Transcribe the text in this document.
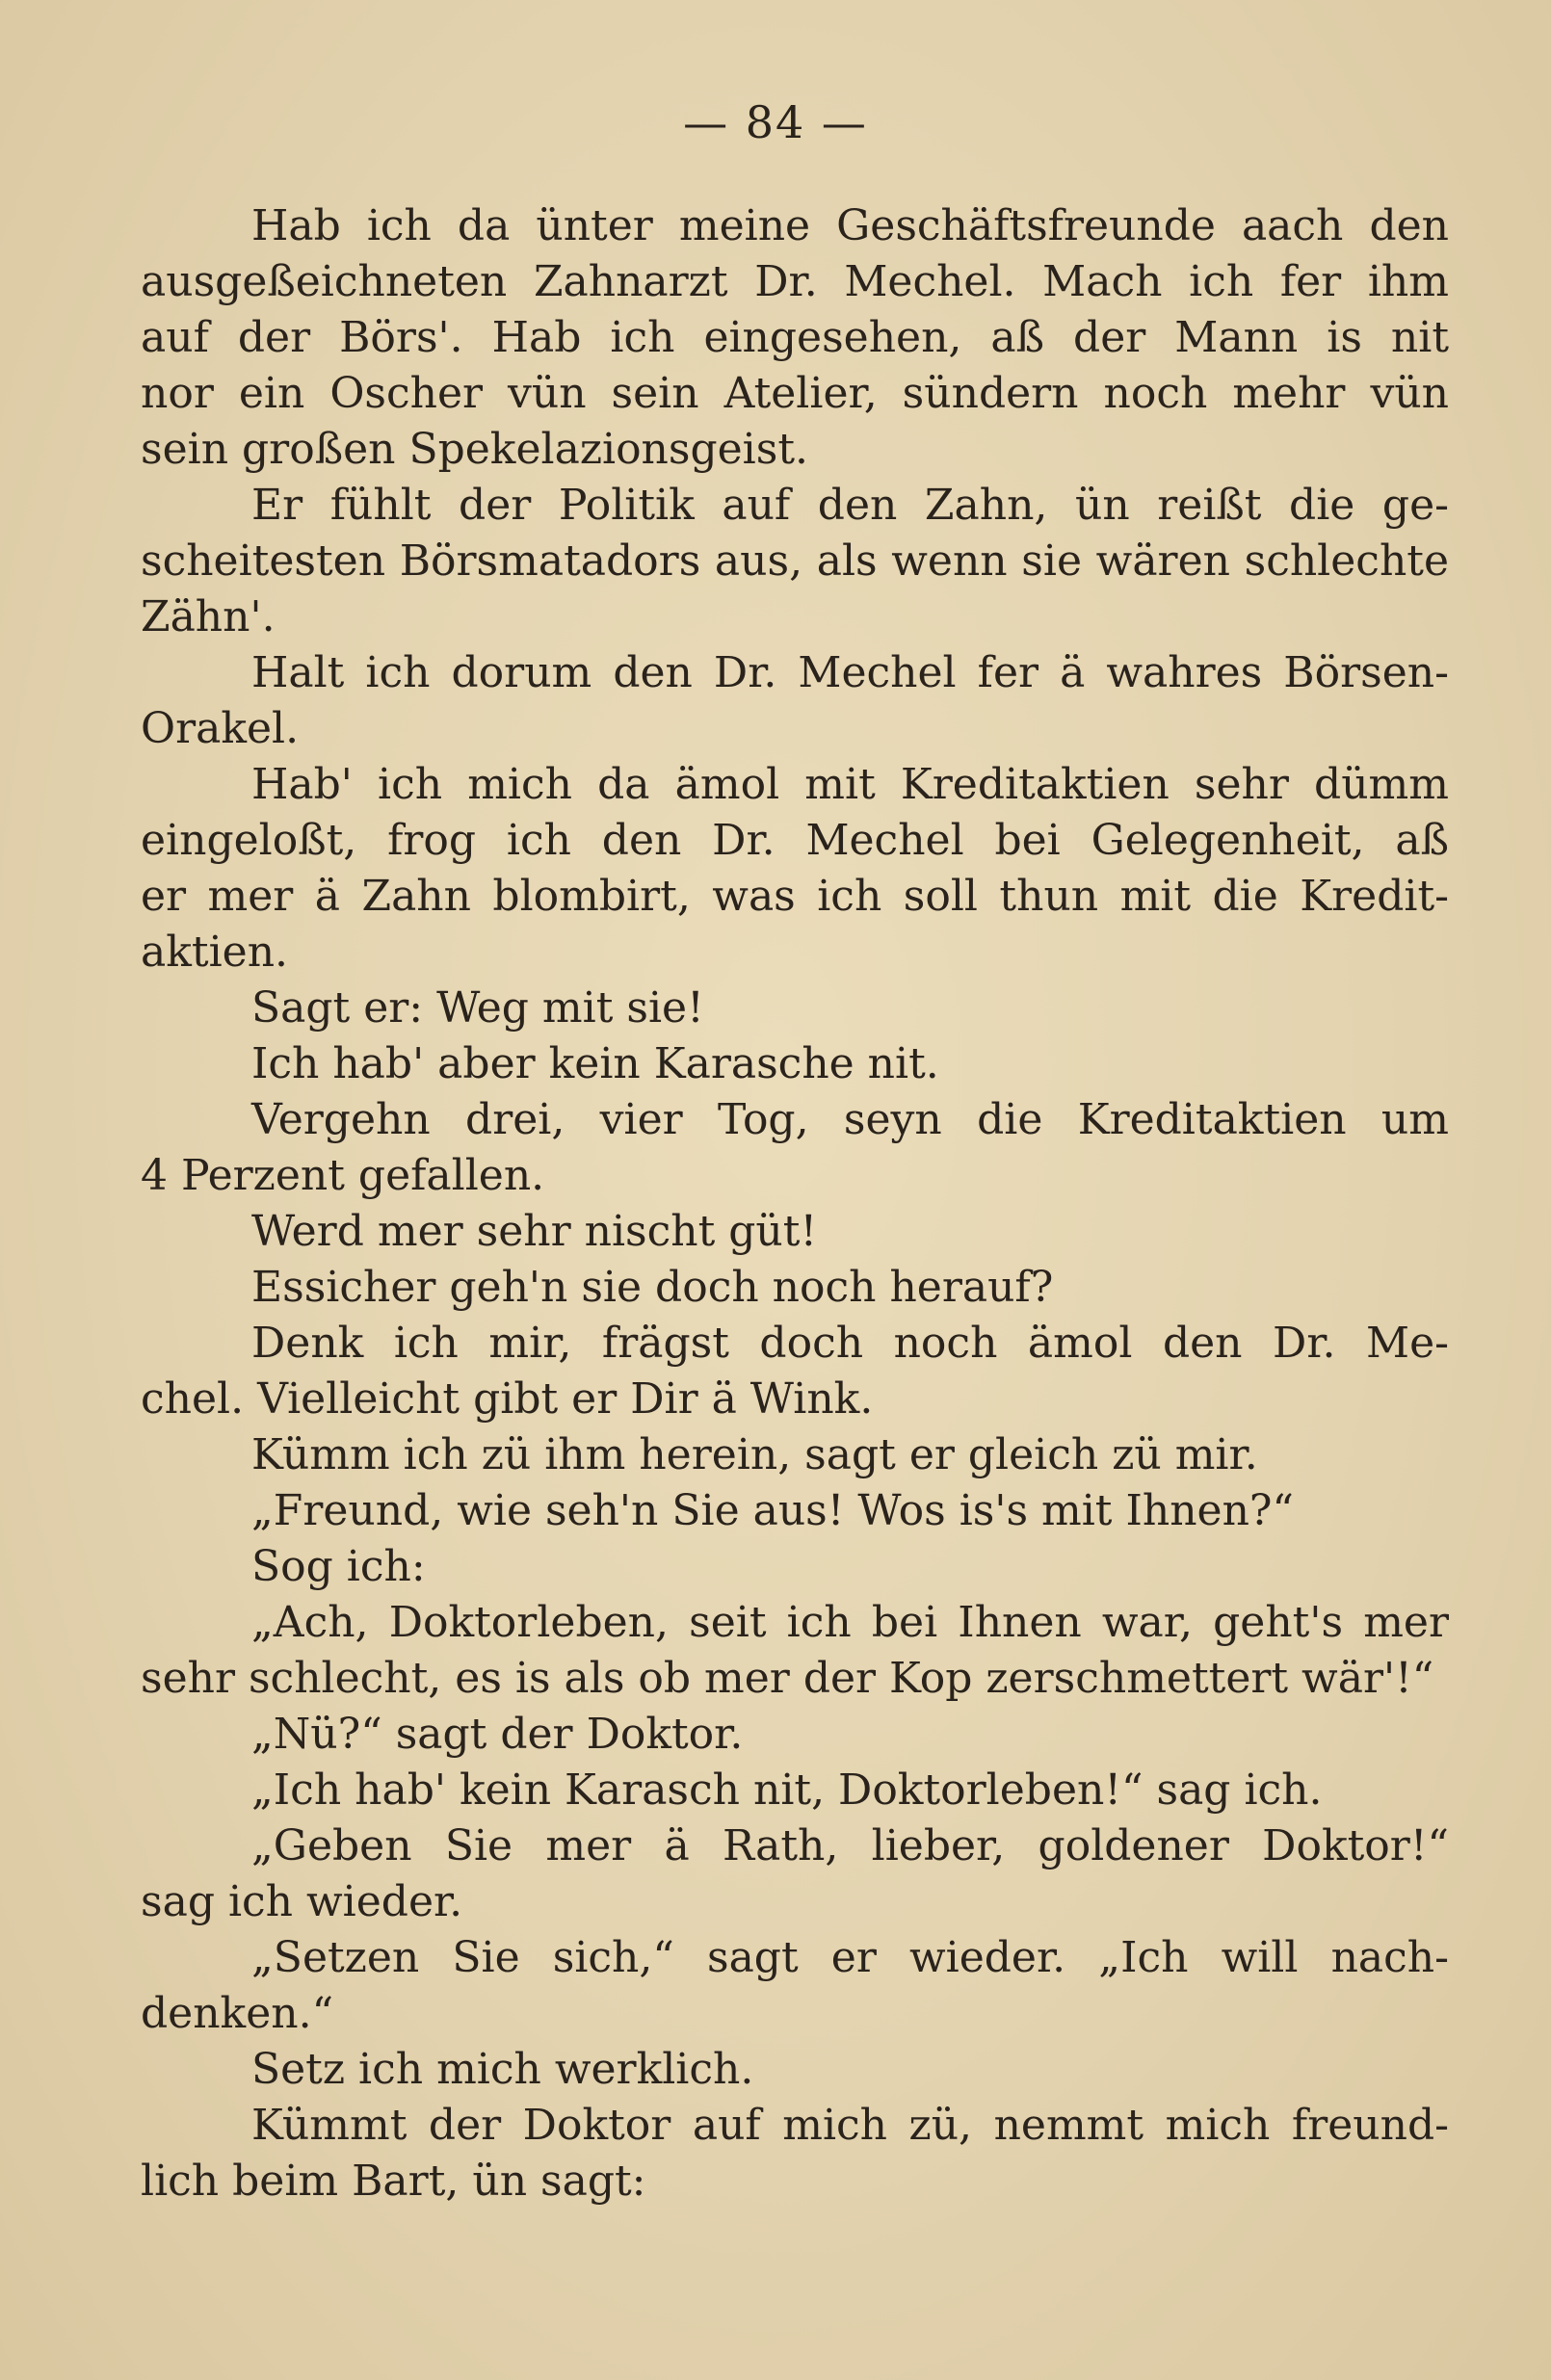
— 84 —
Hab ich da ünter meine Geschäftsfreunde aach den
ausgeßeichneten Zahnarzt Dr. Mechel. Mach ich fer ihm
auf der Börs'. Hab ich eingesehen, aß der Mann is nit
nor ein Oscher vün sein Atelier, sündern noch mehr vün
sein großen Spekelazionsgeist.
Er fühlt der Politik auf den Zahn, ün reißt die ge-
scheitesten Börsmatadors aus, als wenn sie wären schlechte
Zähn'.
Halt ich dorum den Dr. Mechel fer ä wahres Börsen-
Orakel.
Hab' ich mich da ämol mit Kreditaktien sehr dümm
eingeloßt, frog ich den Dr. Mechel bei Gelegenheit, aß
er mer ä Zahn blombirt, was ich soll thun mit die Kredit-
aktien.
Sagt er: Weg mit sie!
Ich hab' aber kein Karasche nit.
Vergehn drei, vier Tog, seyn die Kreditaktien um
4 Perzent gefallen.
Werd mer sehr nischt güt!
Essicher geh'n sie doch noch herauf?
Denk ich mir, frägst doch noch ämol den Dr. Me-
chel. Vielleicht gibt er Dir ä Wink.
Kümm ich zü ihm herein, sagt er gleich zü mir.
„Freund, wie seh'n Sie aus! Wos is's mit Ihnen?“
Sog ich:
„Ach, Doktorleben, seit ich bei Ihnen war, geht's mer
sehr schlecht, es is als ob mer der Kop zerschmettert wär'!“
„Nü?“ sagt der Doktor.
„Ich hab' kein Karasch nit, Doktorleben!“ sag ich.
„Geben Sie mer ä Rath, lieber, goldener Doktor!“
sag ich wieder.
„Setzen Sie sich,“ sagt er wieder. „Ich will nach-
denken.“
Setz ich mich werklich.
Kümmt der Doktor auf mich zü, nemmt mich freund-
lich beim Bart, ün sagt:
